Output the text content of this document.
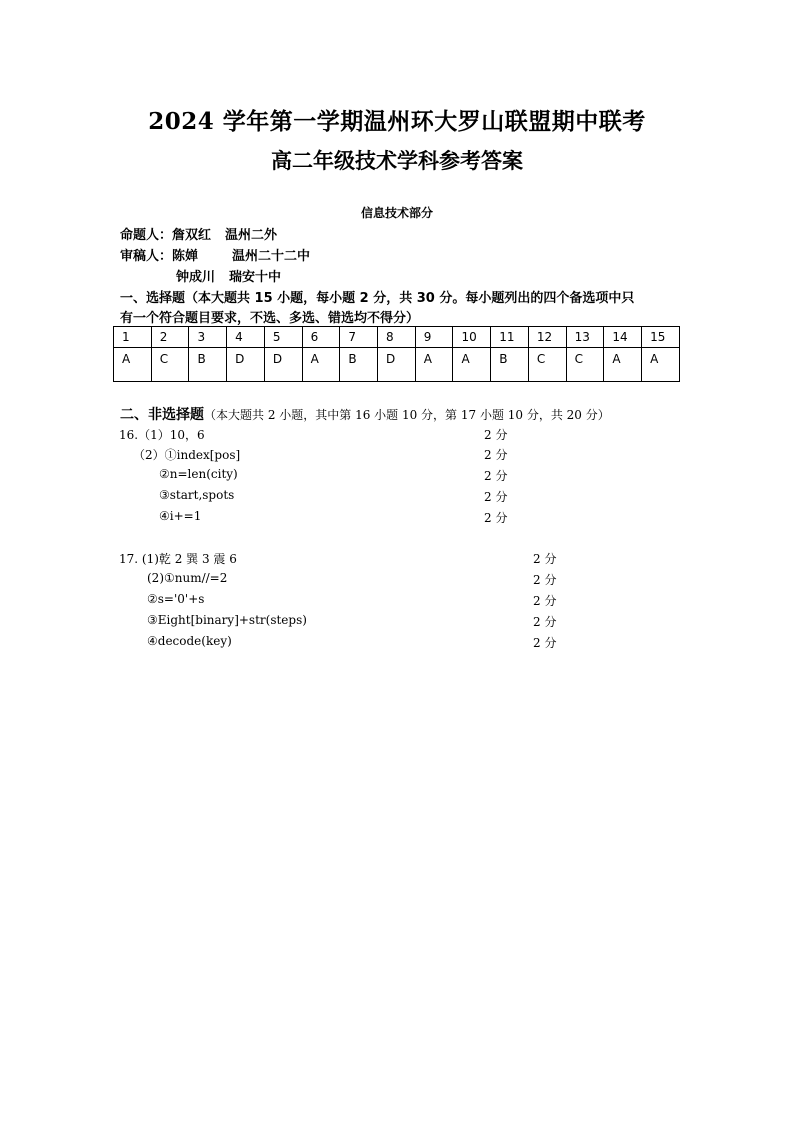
2024 学年第一学期温州环大罗山联盟期中联考
高二年级技术学科参考答案
信息技术部分
命题人：詹双红 温州二外
审稿人：陈婵	温州二十二中
钟成川 瑞安十中
一、选择题（本大题共 15 小题，每小题 2 分，共 30 分。每小题列出的四个备选项中只
有一个符合题目要求，不选、多选、错选均不得分）
1	2	3	4	5	6	7	8	9	10	11	12	13	14	15
A	C	B	D	D	A	B	D	A	A	B	C	C	A	A
二、非选择题（本大题共 2 小题，其中第 16 小题 10 分，第 17 小题 10 分，共 20 分）
16.（1）10，6	2 分
（2）①index[pos]	2 分
②n=len(city)	2 分
③start,spots	2 分
④i+=1	2 分
17. (1)乾 2 巽 3 震 6	2 分
(2)①num//=2	2 分
②s='0'+s	2 分
③Eight[binary]+str(steps)	2 分
④decode(key)	2 分
